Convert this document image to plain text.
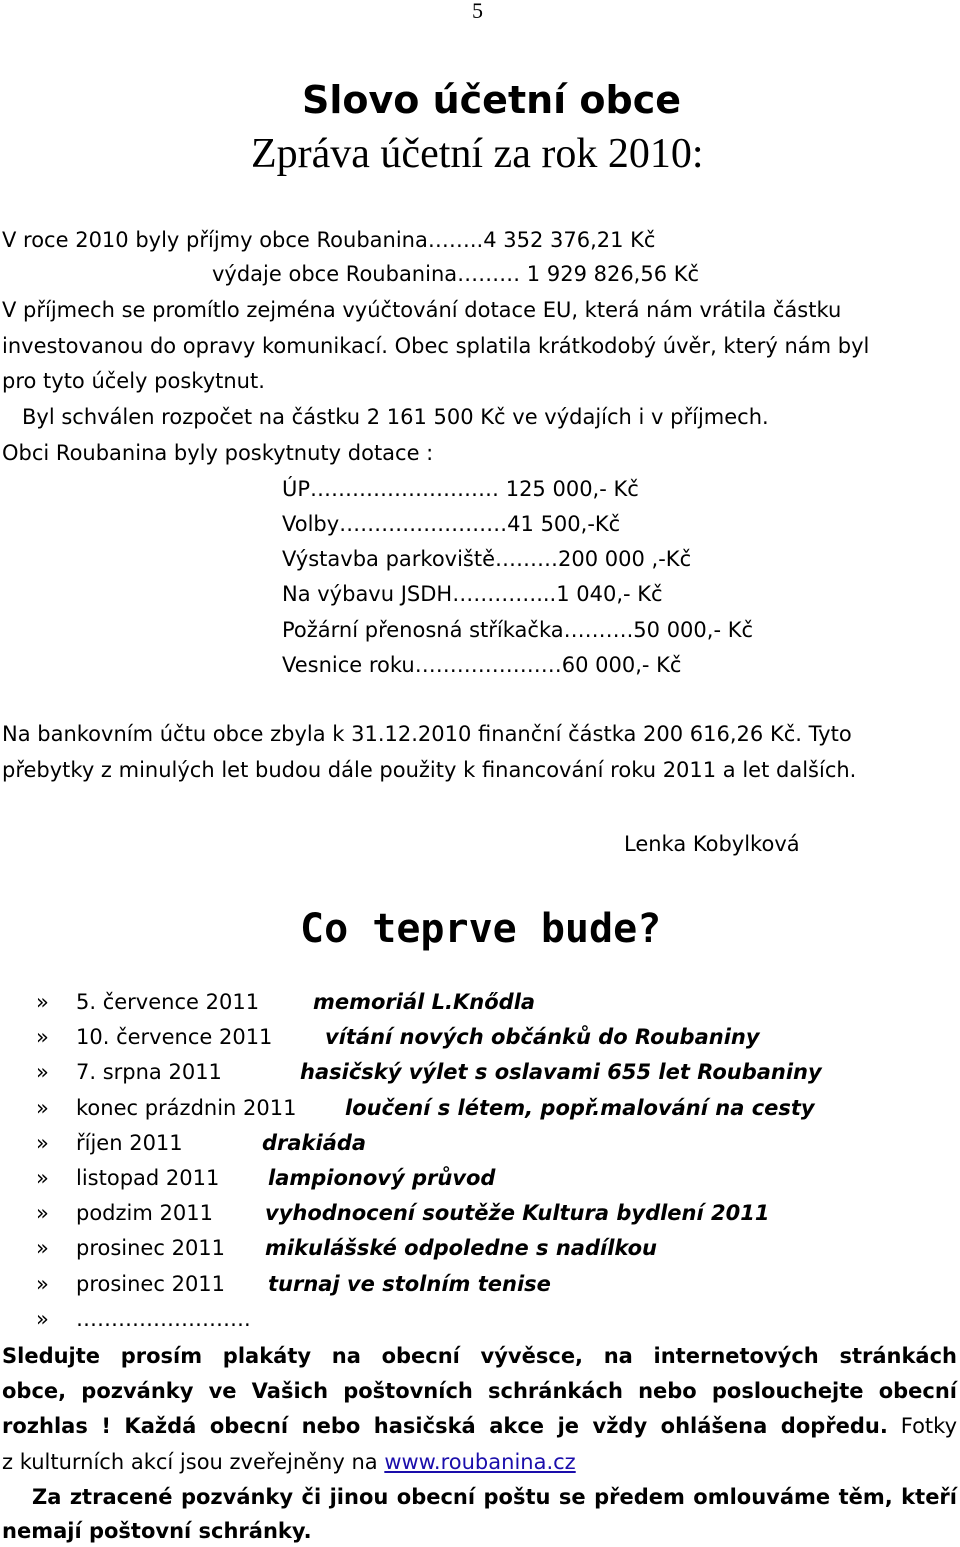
5
Slovo účetní obce
Zpráva účetní za rok 2010:
V roce 2010 byly příjmy obce Roubanina……..4 352 376,21 Kč
výdaje obce Roubanina……… 1 929 826,56 Kč
V příjmech se promítlo zejména vyúčtování dotace EU, která nám vrátila částku
investovanou do opravy komunikací. Obec splatila krátkodobý úvěr, který nám byl
pro tyto účely poskytnut.
Byl schválen rozpočet na částku 2 161 500 Kč ve výdajích i v příjmech.
Obci Roubanina byly poskytnuty dotace :
ÚP……………………… 125 000,- Kč
Volby……………………41 500,-Kč
Výstavba parkoviště………200 000 ,-Kč
Na výbavu JSDH…………...1 040,- Kč
Požární přenosná stříkačka……….50 000,- Kč
Vesnice roku…………………60 000,- Kč
Na bankovním účtu obce zbyla k 31.12.2010 finanční částka 200 616,26 Kč. Tyto
přebytky z minulých let budou dále použity k financování roku 2011 a let dalších.
Lenka Kobylková
Co teprve bude?
» 5. července 2011	memoriál L.Knődla
» 10. července 2011	vítání nových občánků do Roubaniny
» 7. srpna 2011	hasičský výlet s oslavami 655 let Roubaniny
» konec prázdnin 2011 loučení s létem, popř.malování na cesty
» říjen 2011	drakiáda
» listopad 2011 lampionový průvod
» podzim 2011 vyhodnocení soutěže Kultura bydlení 2011
» prosinec 2011 mikulášské odpoledne s nadílkou
» prosinec 2011 turnaj ve stolním tenise
» …………………….
Sledujte prosím plakáty na obecní vývěsce, na internetových stránkách
obce, pozvánky ve Vašich poštovních schránkách nebo poslouchejte obecní
rozhlas ! Každá obecní nebo hasičská akce je vždy ohlášena dopředu. Fotky
z kulturních akcí jsou zveřejněny na www.roubanina.cz
Za ztracené pozvánky či jinou obecní poštu se předem omlouváme těm, kteří
nemají poštovní schránky.
